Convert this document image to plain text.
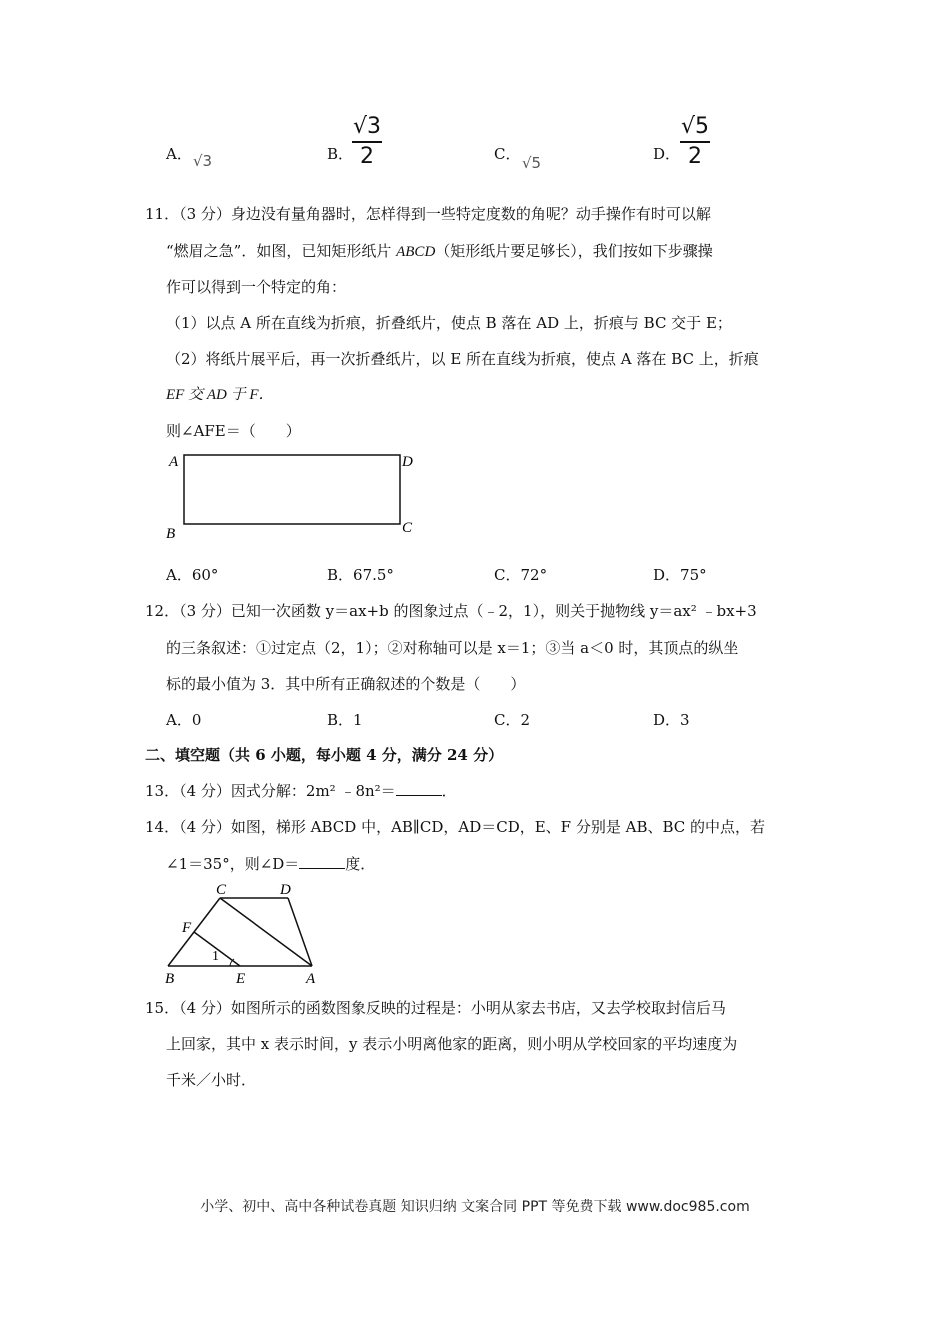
A． √3	B．
√3
2	C． √5	D．
√5
2
11．（3 分）身边没有量角器时，怎样得到一些特定度数的角呢？动手操作有时可以解
“燃眉之急”．如图，已知矩形纸片 ABCD（矩形纸片要足够长），我们按如下步骤操
作可以得到一个特定的角：
（1）以点 A 所在直线为折痕，折叠纸片，使点 B 落在 AD 上，折痕与 BC 交于 E；
（2）将纸片展平后，再一次折叠纸片，以 E 所在直线为折痕，使点 A 落在 BC 上，折痕
EF 交 AD 于 F．
则∠AFE＝（　　）
A	D
B	C
A．60°	B．67.5°	C．72°	D．75°
12．（3 分）已知一次函数 y＝ax+b 的图象过点（﹣2，1），则关于抛物线 y＝ax² ﹣bx+3
的三条叙述：①过定点（2，1）；②对称轴可以是 x＝1；③当 a＜0 时，其顶点的纵坐
标的最小值为 3．其中所有正确叙述的个数是（　　）
A．0	B．1	C．2	D．3
二、填空题（共 6 小题，每小题 4 分，满分 24 分）
13．（4 分）因式分解：2m² ﹣8n²＝	．
14．（4 分）如图，梯形 ABCD 中，AB∥CD，AD＝CD，E、F 分别是 AB、BC 的中点，若
∠1＝35°，则∠D＝	度．
C	D
F
1
B	E	A
15．（4 分）如图所示的函数图象反映的过程是：小明从家去书店，又去学校取封信后马
上回家，其中 x 表示时间，y 表示小明离他家的距离，则小明从学校回家的平均速度为
千米／小时．
小学、初中、高中各种试卷真题 知识归纳 文案合同 PPT 等免费下载 www.doc985.com
